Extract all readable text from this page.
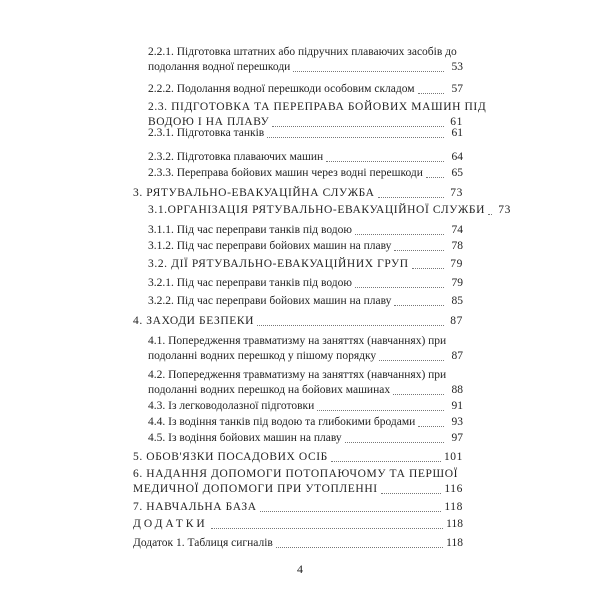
2.2.1. Підготовка штатних або підручних плаваючих засобів до
подолання водної перешкоди	53
2.2.2. Подолання водної перешкоди особовим складом	57
2.3. ПІДГОТОВКА ТА ПЕРЕПРАВА БОЙОВИХ МАШИН ПІД
ВОДОЮ І НА ПЛАВУ	61
2.3.1. Підготовка танків	61
2.3.2. Підготовка плаваючих машин	64
2.3.3. Переправа бойових машин через водні перешкоди	65
3. РЯТУВАЛЬНО-ЕВАКУАЦІЙНА СЛУЖБА	73
3.1.ОРГАНІЗАЦІЯ РЯТУВАЛЬНО-ЕВАКУАЦІЙНОЇ СЛУЖБИ 73
3.1.1. Під час переправи танків під водою	74
3.1.2. Під час переправи бойових машин на плаву	78
3.2. ДІЇ РЯТУВАЛЬНО-ЕВАКУАЦІЙНИХ ГРУП	79
3.2.1. Під час переправи танків під водою	79
3.2.2. Під час переправи бойових машин на плаву	85
4. ЗАХОДИ БЕЗПЕКИ	87
4.1. Попередження травматизму на заняттях (навчаннях) при
подоланні водних перешкод у пішому порядку	87
4.2. Попередження травматизму на заняттях (навчаннях) при
подоланні водних перешкод на бойових машинах	88
4.3. Із легководолазної підготовки	91
4.4. Із водіння танків під водою та глибокими бродами	93
4.5. Із водіння бойових машин на плаву	97
5. ОБОВ'ЯЗКИ ПОСАДОВИХ ОСІБ	101
6. НАДАННЯ ДОПОМОГИ ПОТОПАЮЧОМУ ТА ПЕРШОЇ
МЕДИЧНОЇ ДОПОМОГИ ПРИ УТОПЛЕННІ	116
7. НАВЧАЛЬНА БАЗА	118
ДОДАТКИ	118
Додаток 1. Таблиця сигналів	118
4
